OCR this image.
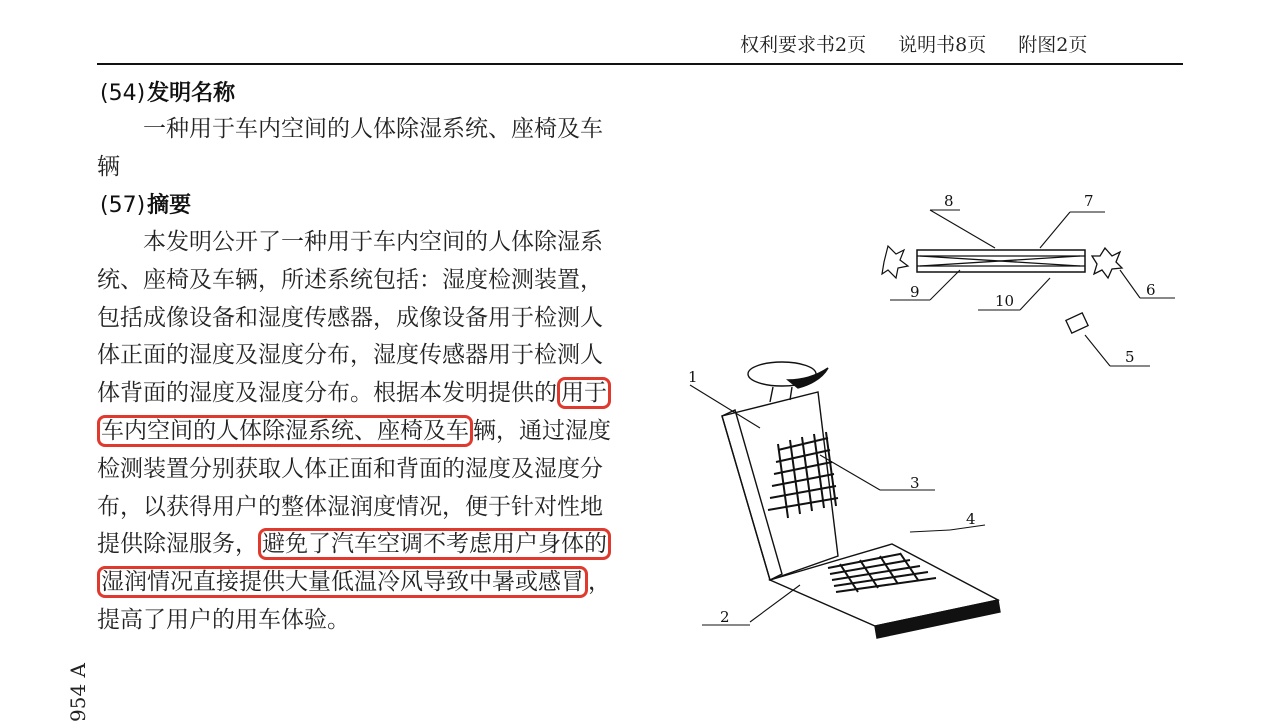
权利要求书2页 说明书8页 附图2页
(54)发明名称

一种用于车内空间的人体除湿系统、座椅及车辆

(57)摘要

本发明公开了一种用于车内空间的人体除湿系统、座椅及车辆，所述系统包括：湿度检测装置，包括成像设备和湿度传感器，成像设备用于检测人体正面的湿度及湿度分布，湿度传感器用于检测人体背面的湿度及湿度分布。根据本发明提供的 用于车内空间的人体除湿系统、座椅及车 辆，通过湿度检测装置分别获取人体正面和背面的湿度及湿度分布，以获得用户的整体湿润度情况，便于针对性地提供除湿服务， 避免了汽车空调不考虑用户身体的湿润情况直接提供大量低温冷风导致中暑或感冒 ，提高了用户的用车体验。

954 A
8	7
6
9	10
5
1
3
4
2
